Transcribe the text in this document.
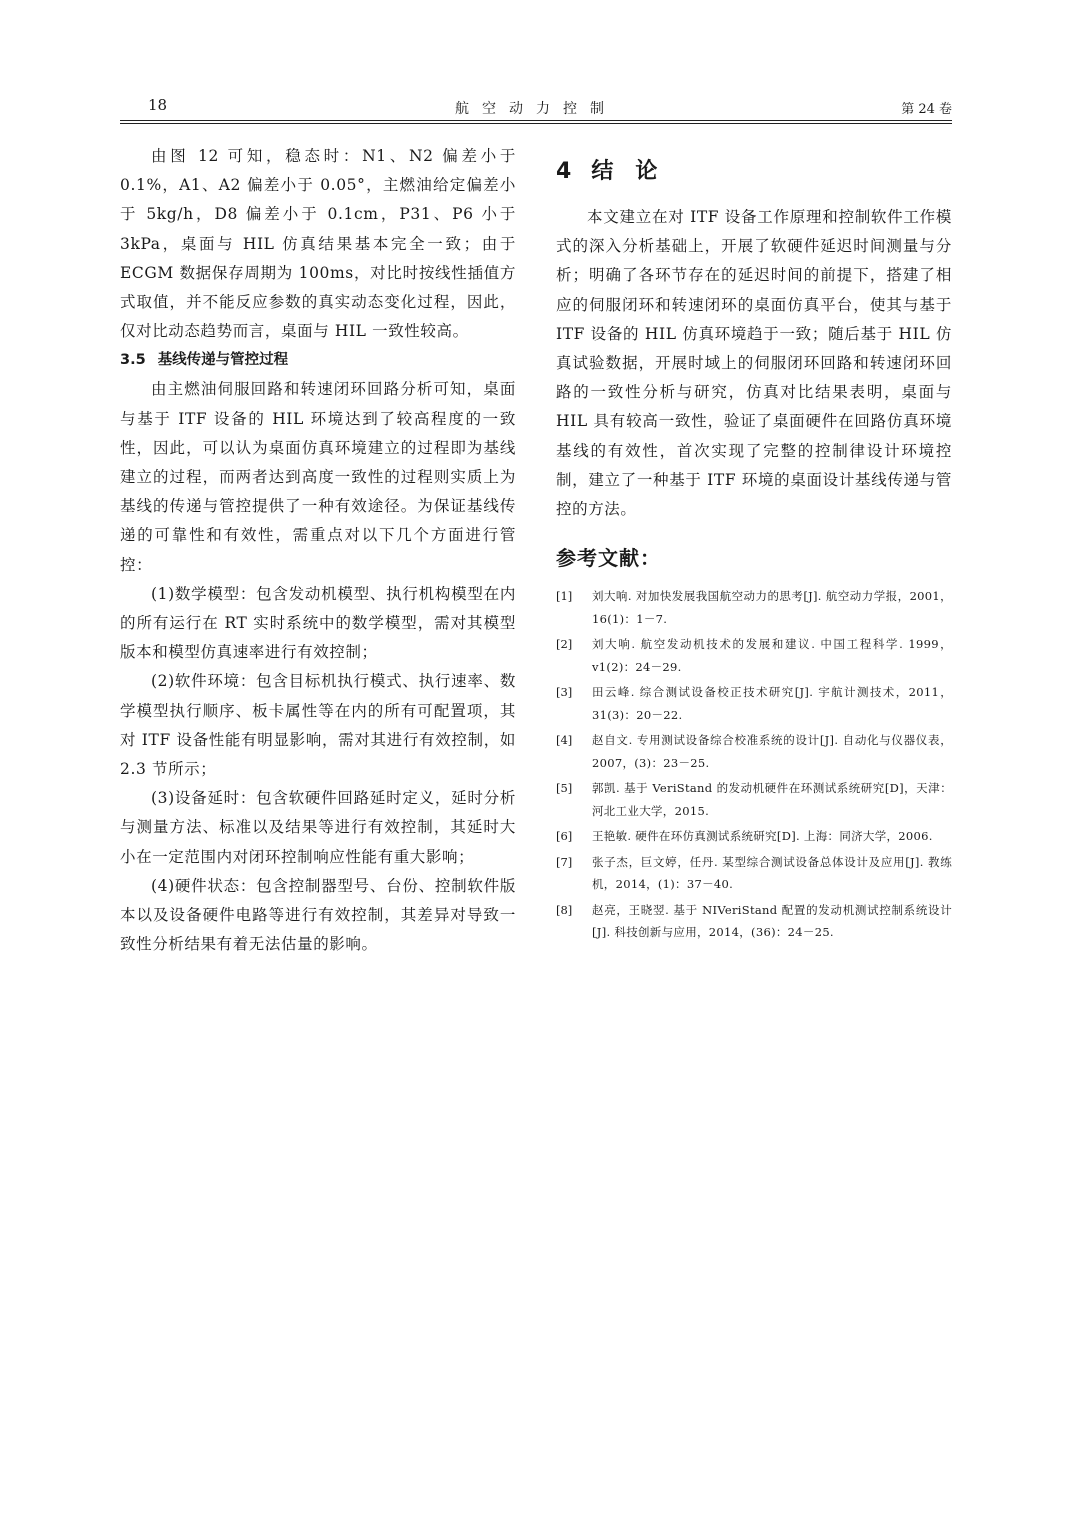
18	航空动力控制	第 24 卷

由图 12 可知，稳态时：N1、N2 偏差小于 0.1%，A1、A2 偏差小于 0.05°，主燃油给定偏差小于 5kg/h，D8 偏差小于 0.1cm，P31、P6 小于 3kPa，桌面与 HIL 仿真结果基本完全一致；由于 ECGM 数据保存周期为 100ms，对比时按线性插值方式取值，并不能反应参数的真实动态变化过程，因此，仅对比动态趋势而言，桌面与 HIL 一致性较高。

3.5 基线传递与管控过程

由主燃油伺服回路和转速闭环回路分析可知，桌面与基于 ITF 设备的 HIL 环境达到了较高程度的一致性，因此，可以认为桌面仿真环境建立的过程即为基线建立的过程，而两者达到高度一致性的过程则实质上为基线的传递与管控提供了一种有效途径。为保证基线传递的可靠性和有效性，需重点对以下几个方面进行管控：

(1)数学模型：包含发动机模型、执行机构模型在内的所有运行在 RT 实时系统中的数学模型，需对其模型版本和模型仿真速率进行有效控制；

(2)软件环境：包含目标机执行模式、执行速率、数学模型执行顺序、板卡属性等在内的所有可配置项，其对 ITF 设备性能有明显影响，需对其进行有效控制，如 2.3 节所示；

(3)设备延时：包含软硬件回路延时定义，延时分析与测量方法、标准以及结果等进行有效控制，其延时大小在一定范围内对闭环控制响应性能有重大影响；

(4)硬件状态：包含控制器型号、台份、控制软件版本以及设备硬件电路等进行有效控制，其差异对导致一致性分析结果有着无法估量的影响。

4 结　论

本文建立在对 ITF 设备工作原理和控制软件工作模式的深入分析基础上，开展了软硬件延迟时间测量与分析；明确了各环节存在的延迟时间的前提下，搭建了相应的伺服闭环和转速闭环的桌面仿真平台，使其与基于 ITF 设备的 HIL 仿真环境趋于一致；随后基于 HIL 仿真试验数据，开展时域上的伺服闭环回路和转速闭环回路的一致性分析与研究，仿真对比结果表明，桌面与 HIL 具有较高一致性，验证了桌面硬件在回路仿真环境基线的有效性，首次实现了完整的控制律设计环境控制，建立了一种基于 ITF 环境的桌面设计基线传递与管控的方法。

参考文献：
[1]	刘大响. 对加快发展我国航空动力的思考[J]. 航空动力学报，2001，16(1)：1－7.
[2]	刘大响. 航空发动机技术的发展和建议. 中国工程科学. 1999，v1(2)：24－29.
[3]	田云峰. 综合测试设备校正技术研究[J]. 宇航计测技术，2011，31(3)：20－22.
[4]	赵自文. 专用测试设备综合校准系统的设计[J]. 自动化与仪器仪表，2007，(3)：23－25.
[5]	郭凯. 基于 VeriStand 的发动机硬件在环测试系统研究[D]，天津：河北工业大学，2015.
[6]	王艳敏. 硬件在环仿真测试系统研究[D]. 上海：同济大学，2006.
[7]	张子杰，巨文婷，任丹. 某型综合测试设备总体设计及应用[J]. 教练机，2014，(1)：37－40.
[8]	赵亮，王晓翌. 基于 NIVeriStand 配置的发动机测试控制系统设计[J]. 科技创新与应用，2014，(36)：24－25.
